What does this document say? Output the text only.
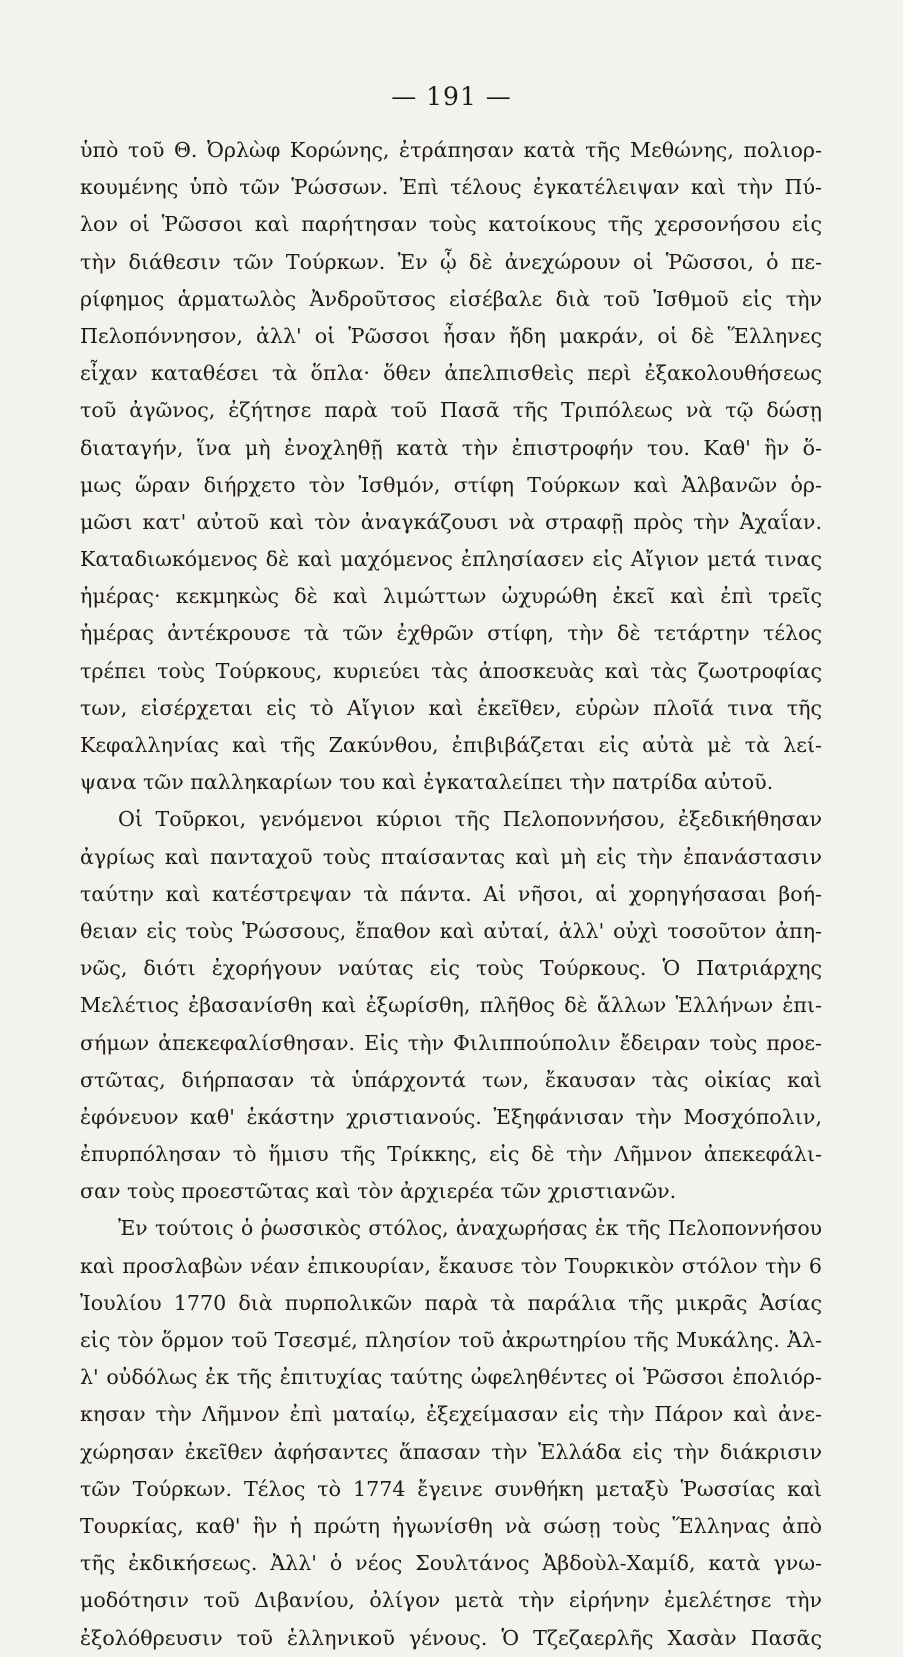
— 191 —
ὑπὸ τοῦ Θ. Ὀρλὼφ Κορώνης, ἐτράπησαν κατὰ τῆς Μεθώνης, πολιορ-
κουμένης ὑπὸ τῶν Ῥώσσων. Ἐπὶ τέλους ἐγκατέλειψαν καὶ τὴν Πύ-
λον οἱ Ῥῶσσοι καὶ παρήτησαν τοὺς κατοίκους τῆς χερσονήσου εἰς
τὴν διάθεσιν τῶν Τούρκων. Ἐν ᾧ δὲ ἀνεχώρουν οἱ Ῥῶσσοι, ὁ πε-
ρίφημος ἁρματωλὸς Ἀνδροῦτσος εἰσέβαλε διὰ τοῦ Ἰσθμοῦ εἰς τὴν
Πελοπόννησον, ἀλλ' οἱ Ῥῶσσοι ἦσαν ἤδη μακράν, οἱ δὲ Ἕλληνες
εἶχαν καταθέσει τὰ ὅπλα· ὅθεν ἀπελπισθεὶς περὶ ἐξακολουθήσεως
τοῦ ἀγῶνος, ἐζήτησε παρὰ τοῦ Πασᾶ τῆς Τριπόλεως νὰ τῷ δώσῃ
διαταγήν, ἵνα μὴ ἐνοχληθῇ κατὰ τὴν ἐπιστροφήν του. Καθ' ἣν ὅ-
μως ὥραν διήρχετο τὸν Ἰσθμόν, στίφη Τούρκων καὶ Ἀλβανῶν ὁρ-
μῶσι κατ' αὐτοῦ καὶ τὸν ἀναγκάζουσι νὰ στραφῇ πρὸς τὴν Ἀχαΐαν.
Καταδιωκόμενος δὲ καὶ μαχόμενος ἐπλησίασεν εἰς Αἴγιον μετά τινας
ἡμέρας· κεκμηκὼς δὲ καὶ λιμώττων ὠχυρώθη ἐκεῖ καὶ ἐπὶ τρεῖς
ἡμέρας ἀντέκρουσε τὰ τῶν ἐχθρῶν στίφη, τὴν δὲ τετάρτην τέλος
τρέπει τοὺς Τούρκους, κυριεύει τὰς ἀποσκευὰς καὶ τὰς ζωοτροφίας
των, εἰσέρχεται εἰς τὸ Αἴγιον καὶ ἐκεῖθεν, εὑρὼν πλοῖά τινα τῆς
Κεφαλληνίας καὶ τῆς Ζακύνθου, ἐπιβιβάζεται εἰς αὐτὰ μὲ τὰ λεί-
ψανα τῶν παλληκαρίων του καὶ ἐγκαταλείπει τὴν πατρίδα αὐτοῦ.
Οἱ Τοῦρκοι, γενόμενοι κύριοι τῆς Πελοποννήσου, ἐξεδικήθησαν
ἀγρίως καὶ πανταχοῦ τοὺς πταίσαντας καὶ μὴ εἰς τὴν ἐπανάστασιν
ταύτην καὶ κατέστρεψαν τὰ πάντα. Αἱ νῆσοι, αἱ χορηγήσασαι βοή-
θειαν εἰς τοὺς Ῥώσσους, ἔπαθον καὶ αὐταί, ἀλλ' οὐχὶ τοσοῦτον ἀπη-
νῶς, διότι ἐχορήγουν ναύτας εἰς τοὺς Τούρκους. Ὁ Πατριάρχης
Μελέτιος ἐβασανίσθη καὶ ἐξωρίσθη, πλῆθος δὲ ἄλλων Ἑλλήνων ἐπι-
σήμων ἀπεκεφαλίσθησαν. Εἰς τὴν Φιλιππούπολιν ἔδειραν τοὺς προε-
στῶτας, διήρπασαν τὰ ὑπάρχοντά των, ἔκαυσαν τὰς οἰκίας καὶ
ἐφόνευον καθ' ἑκάστην χριστιανούς. Ἐξηφάνισαν τὴν Μοσχόπολιν,
ἐπυρπόλησαν τὸ ἥμισυ τῆς Τρίκκης, εἰς δὲ τὴν Λῆμνον ἀπεκεφάλι-
σαν τοὺς προεστῶτας καὶ τὸν ἀρχιερέα τῶν χριστιανῶν.
Ἐν τούτοις ὁ ῥωσσικὸς στόλος, ἀναχωρήσας ἐκ τῆς Πελοποννήσου
καὶ προσλαβὼν νέαν ἐπικουρίαν, ἔκαυσε τὸν Τουρκικὸν στόλον τὴν 6
Ἰουλίου 1770 διὰ πυρπολικῶν παρὰ τὰ παράλια τῆς μικρᾶς Ἀσίας
εἰς τὸν ὅρμον τοῦ Τσεσμέ, πλησίον τοῦ ἀκρωτηρίου τῆς Μυκάλης. Ἀλ-
λ' οὐδόλως ἐκ τῆς ἐπιτυχίας ταύτης ὠφεληθέντες οἱ Ῥῶσσοι ἐπολιόρ-
κησαν τὴν Λῆμνον ἐπὶ ματαίῳ, ἐξεχείμασαν εἰς τὴν Πάρον καὶ ἀνε-
χώρησαν ἐκεῖθεν ἀφήσαντες ἅπασαν τὴν Ἑλλάδα εἰς τὴν διάκρισιν
τῶν Τούρκων. Τέλος τὸ 1774 ἔγεινε συνθήκη μεταξὺ Ῥωσσίας καὶ
Τουρκίας, καθ' ἣν ἡ πρώτη ἠγωνίσθη νὰ σώσῃ τοὺς Ἕλληνας ἀπὸ
τῆς ἐκδικήσεως. Ἀλλ' ὁ νέος Σουλτάνος Ἀβδοὺλ-Χαμίδ, κατὰ γνω-
μοδότησιν τοῦ Διβανίου, ὀλίγον μετὰ τὴν εἰρήνην ἐμελέτησε τὴν
ἐξολόθρευσιν τοῦ ἑλληνικοῦ γένους. Ὁ Τζεζαερλῆς Χασὰν Πασᾶς
